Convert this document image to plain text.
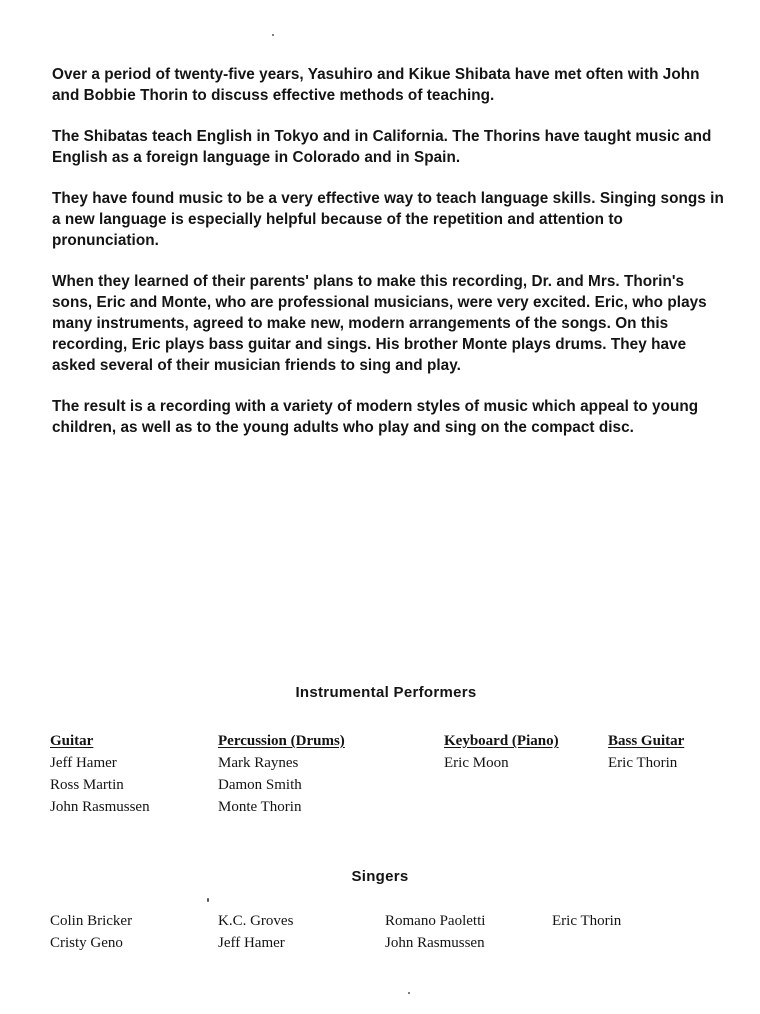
Over a period of twenty-five years, Yasuhiro and Kikue Shibata have met often with John and Bobbie Thorin to discuss effective methods of teaching.

The Shibatas teach English in Tokyo and in California. The Thorins have taught music and English as a foreign language in Colorado and in Spain.

They have found music to be a very effective way to teach language skills. Singing songs in a new language is especially helpful because of the repetition and attention to pronunciation.

When they learned of their parents' plans to make this recording, Dr. and Mrs. Thorin's sons, Eric and Monte, who are professional musicians, were very excited. Eric, who plays many instruments, agreed to make new, modern arrangements of the songs. On this recording, Eric plays bass guitar and sings. His brother Monte plays drums. They have asked several of their musician friends to sing and play.

The result is a recording with a variety of modern styles of music which appeal to young children, as well as to the young adults who play and sing on the compact disc.

Instrumental Performers
Guitar
Jeff Hamer
Ross Martin
John Rasmussen
Percussion (Drums)
Mark Raynes
Damon Smith
Monte Thorin
Keyboard (Piano)
Eric Moon
Bass Guitar
Eric Thorin
Singers
Colin Bricker
Cristy Geno
K.C. Groves
Jeff Hamer
Romano Paoletti
John Rasmussen
Eric Thorin
